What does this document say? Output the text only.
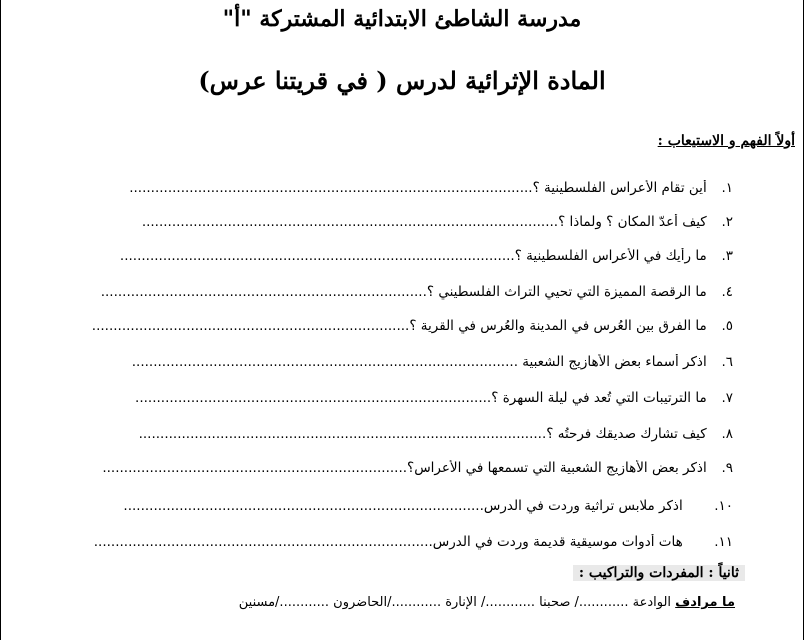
مدرسة الشاطئ الابتدائية المشتركة "أ"
المادة الإثرائية لدرس ( في قريتنا عرس)
أولاً الفهم و الاستيعاب :
١. أين تقام الأعراس الفلسطينية ؟..............................................................................................
٢. كيف أُعدّ المكان ؟ ولماذا ؟.................................................................................................
٣. ما رأيك في الأعراس الفلسطينية ؟............................................................................................
٤. ما الرقصة المميزة التي تحيي التراث الفلسطيني ؟............................................................................
٥. ما الفرق بين العُرس في المدينة والعُرس في القرية ؟..........................................................................
٦. اذكر أسماء بعض الأهازيج الشعبية ..........................................................................................
٧. ما الترتيبات التي تُعد في ليلة السهرة ؟...................................................................................
٨. كيف تشارك صديقك فرحتُه ؟...............................................................................................
٩. اذكر بعض الأهازيج الشعبية التي تسمعها في الأعراس؟.......................................................................
١٠. اذكر ملابس تراثية وردت في الدرس....................................................................................
١١. هات أدوات موسيقية قديمة وردت في الدرس...............................................................................
ثانياً : المفردات والتراكيب :
ما مرادف الوادعة ............/ صحبنا ............/ الإنارة ............/الحاضرون ............/مسنين
